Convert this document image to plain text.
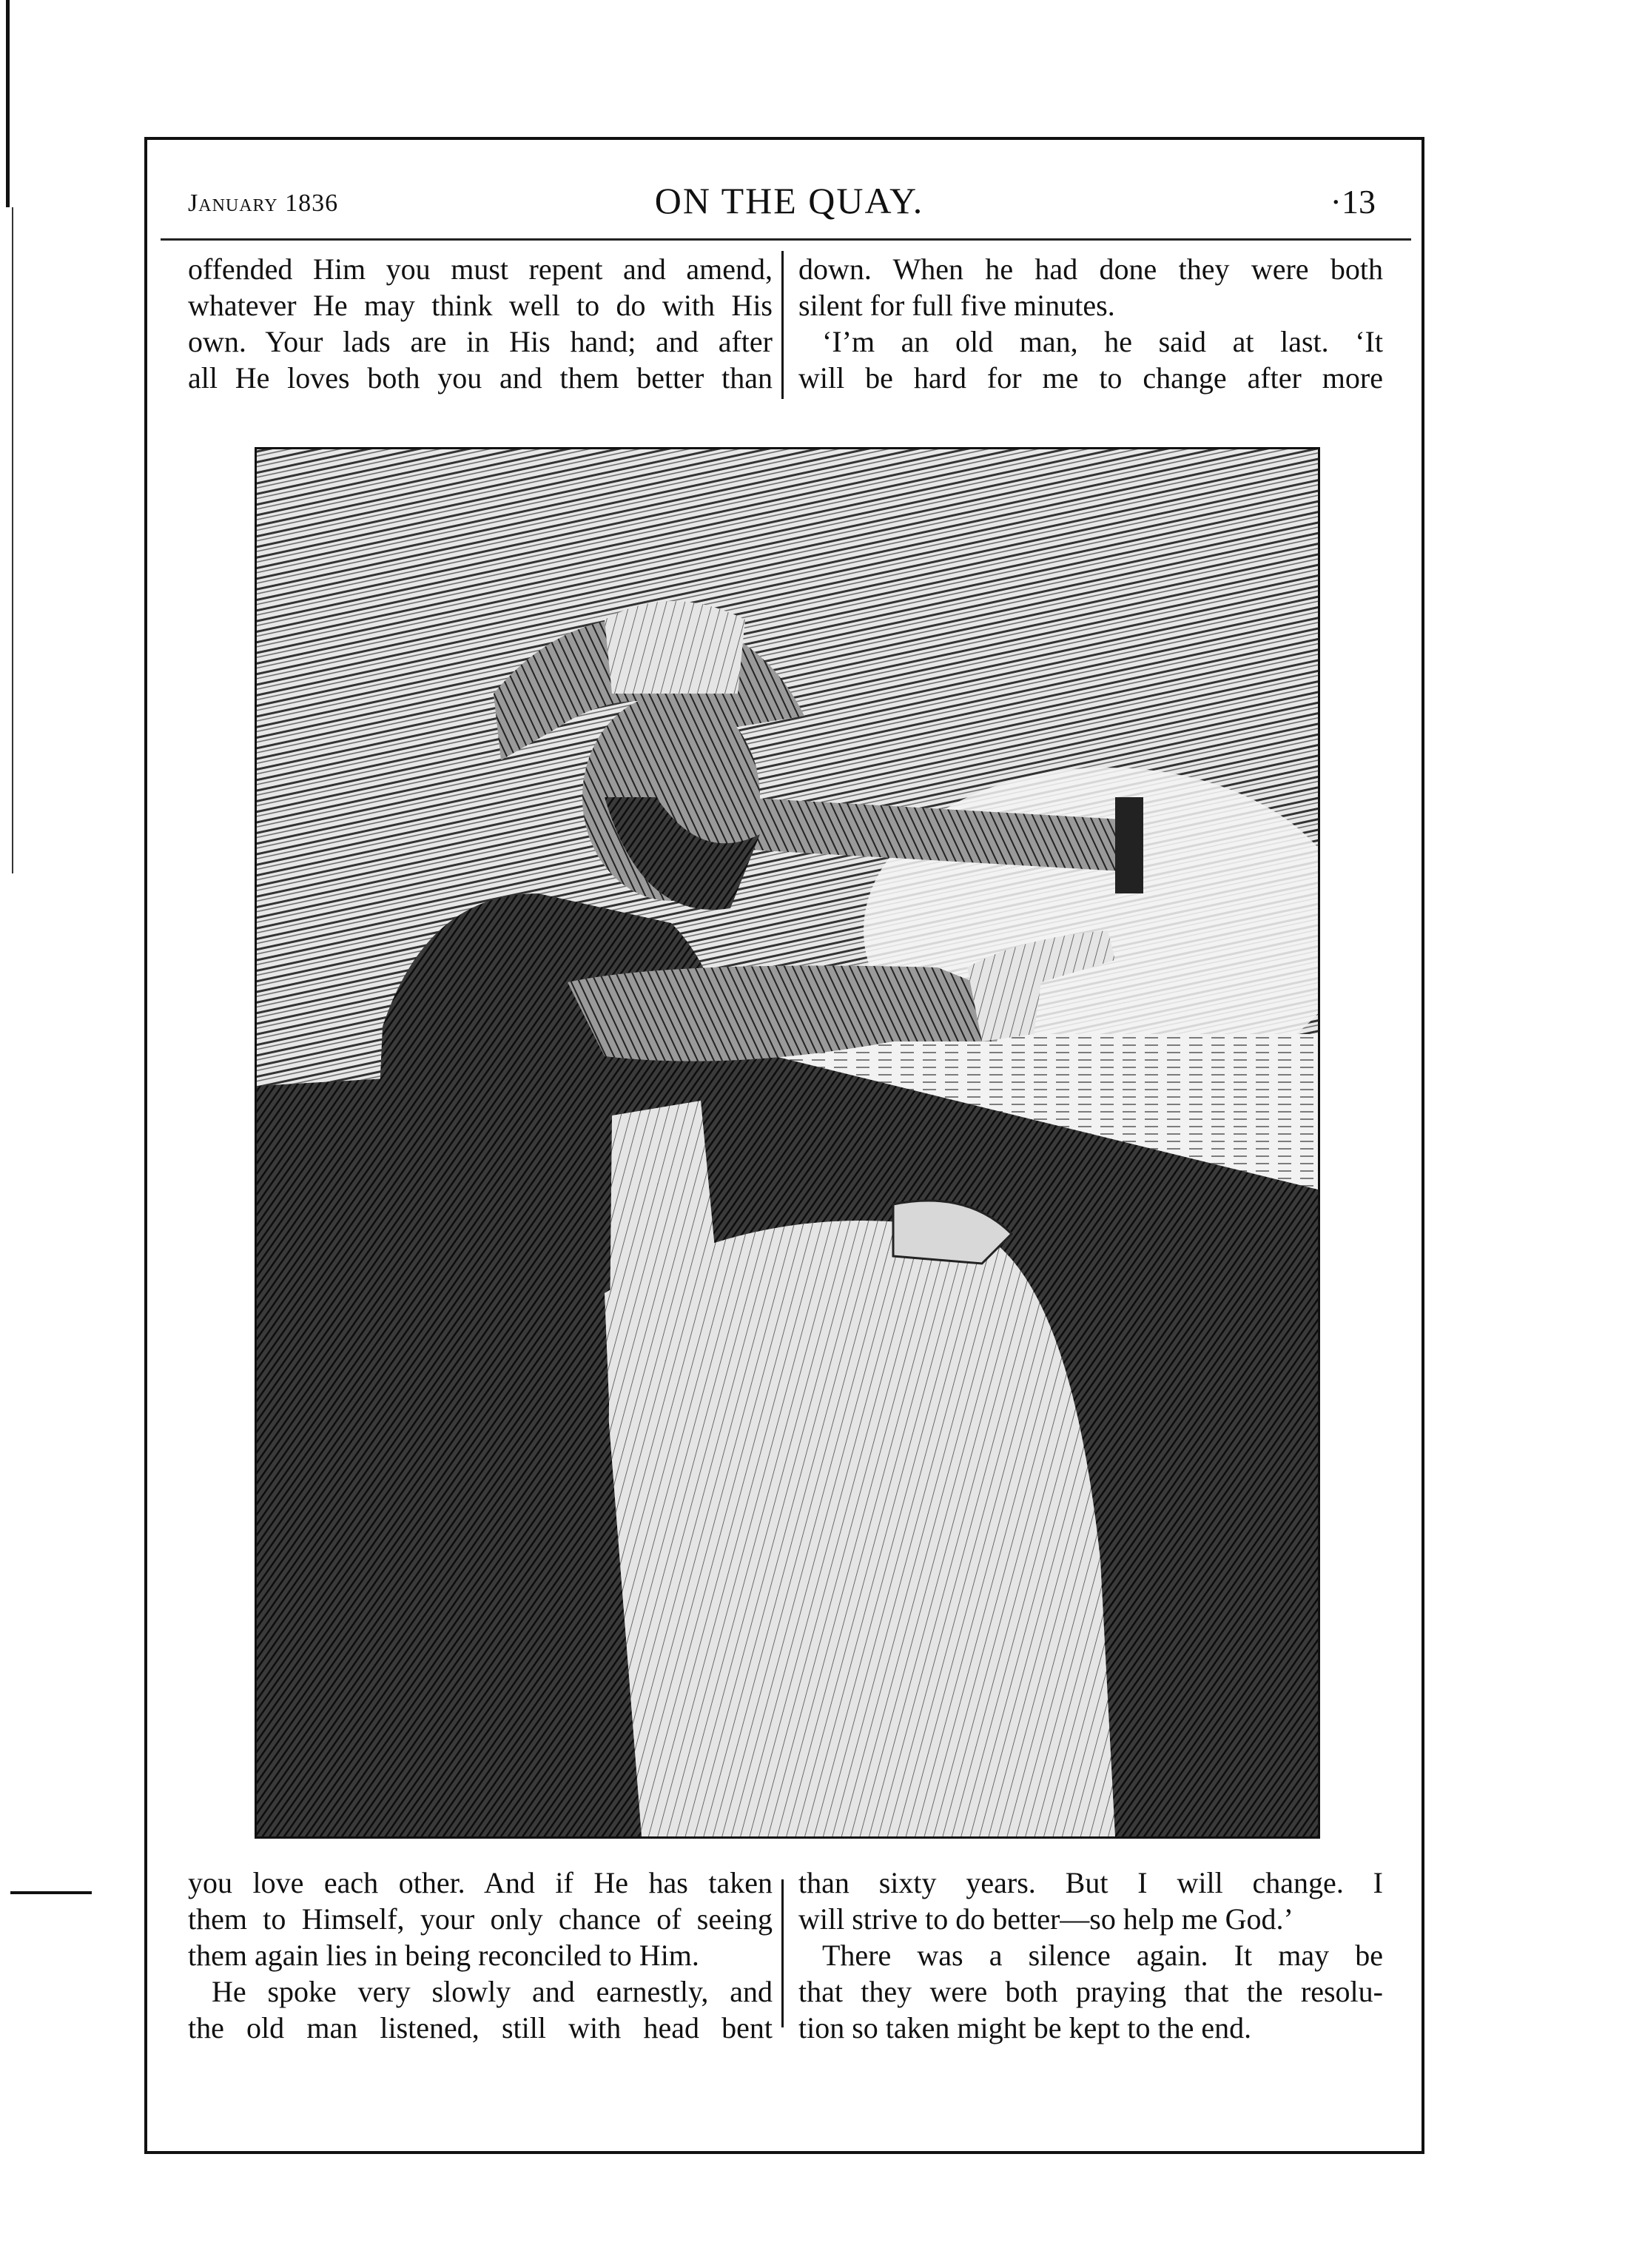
January 1836	ON THE QUAY.	·13
offended Him you must repent and amend,
whatever He may think well to do with His
own. Your lads are in His hand; and after
all He loves both you and them better than
down. When he had done they were both
silent for full five minutes.
‘I’m an old man, he said at last. ‘It
will be hard for me to change after more
you love each other. And if He has taken
them to Himself, your only chance of seeing
them again lies in being reconciled to Him.
He spoke very slowly and earnestly, and
the old man listened, still with head bent
than sixty years. But I will change. I
will strive to do better—so help me God.’
There was a silence again. It may be
that they were both praying that the resolu-
tion so taken might be kept to the end.
